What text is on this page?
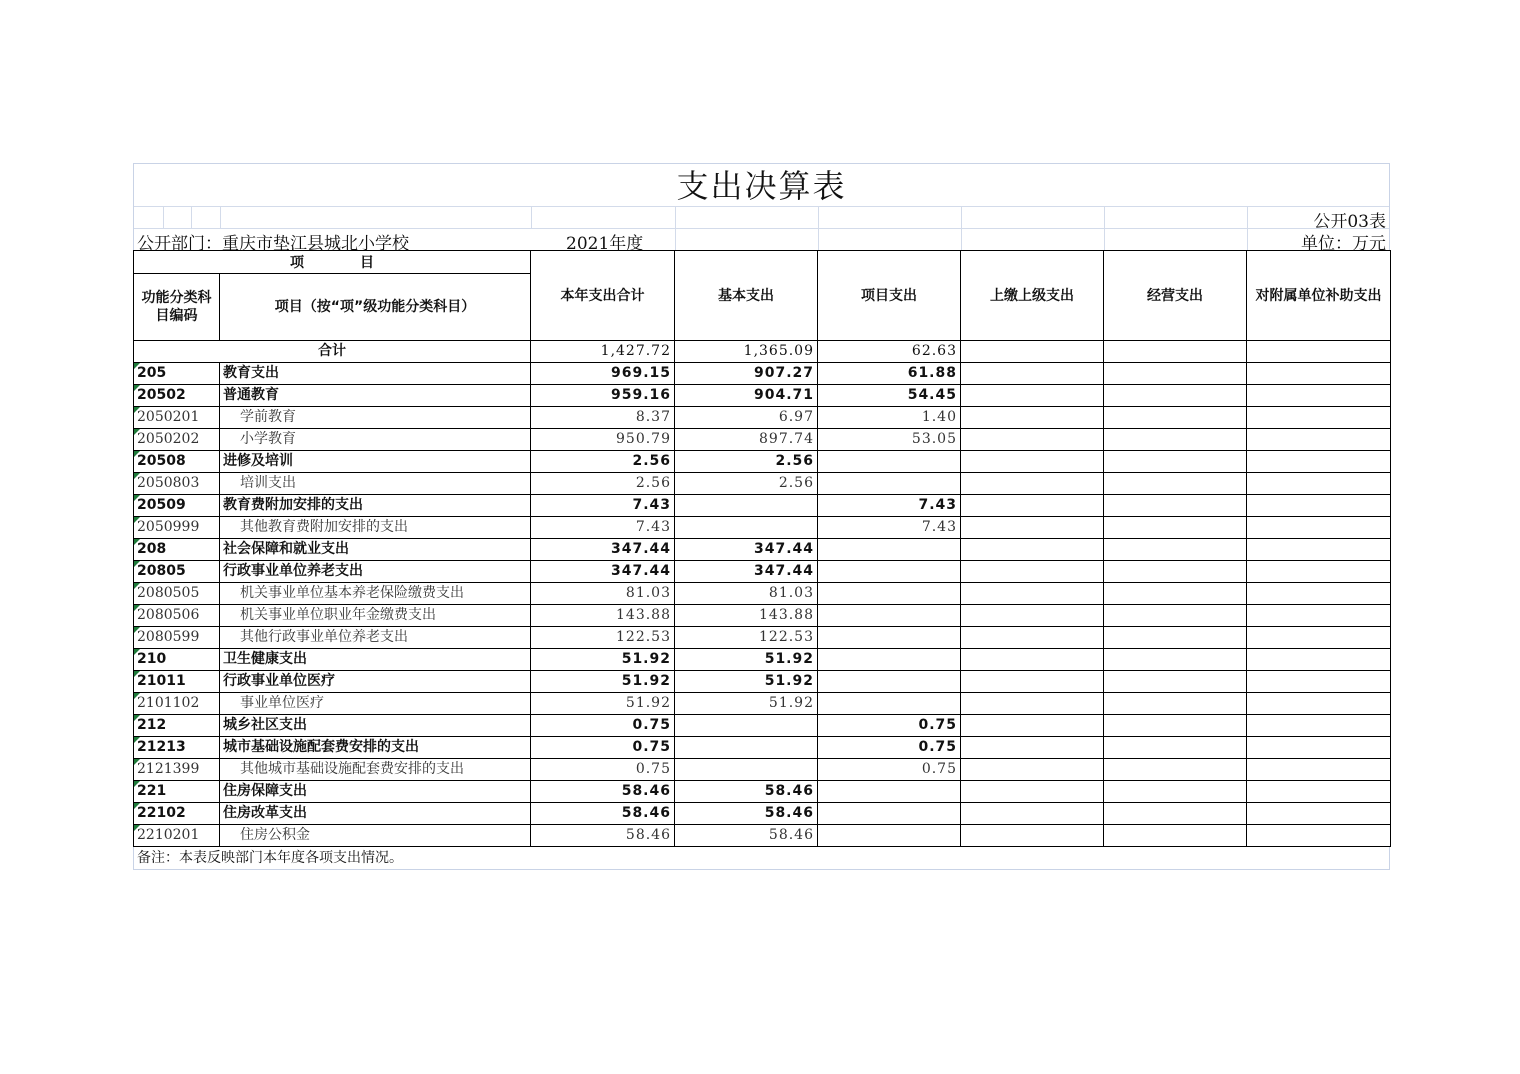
支出决算表
公开03表
公开部门：重庆市垫江县城北小学校	2021年度	单位：万元
项　　　　目		本年支出合计	基本支出	项目支出	上缴上级支出	经营支出	对附属单位补助支出
功能分类科目编码	项目（按“项”级功能分类科目）						
合计		1,427.72	1,365.09	62.63			
205	教育支出	969.15	907.27	61.88			
20502	普通教育	959.16	904.71	54.45			
2050201	学前教育	8.37	6.97	1.40			
2050202	小学教育	950.79	897.74	53.05			
20508	进修及培训	2.56	2.56				
2050803	培训支出	2.56	2.56				
20509	教育费附加安排的支出	7.43		7.43			
2050999	其他教育费附加安排的支出	7.43		7.43			
208	社会保障和就业支出	347.44	347.44				
20805	行政事业单位养老支出	347.44	347.44				
2080505	机关事业单位基本养老保险缴费支出	81.03	81.03				
2080506	机关事业单位职业年金缴费支出	143.88	143.88				
2080599	其他行政事业单位养老支出	122.53	122.53				
210	卫生健康支出	51.92	51.92				
21011	行政事业单位医疗	51.92	51.92				
2101102	事业单位医疗	51.92	51.92				
212	城乡社区支出	0.75		0.75			
21213	城市基础设施配套费安排的支出	0.75		0.75			
2121399	其他城市基础设施配套费安排的支出	0.75		0.75			
221	住房保障支出	58.46	58.46				
22102	住房改革支出	58.46	58.46				
2210201	住房公积金	58.46	58.46				
备注：本表反映部门本年度各项支出情况。
